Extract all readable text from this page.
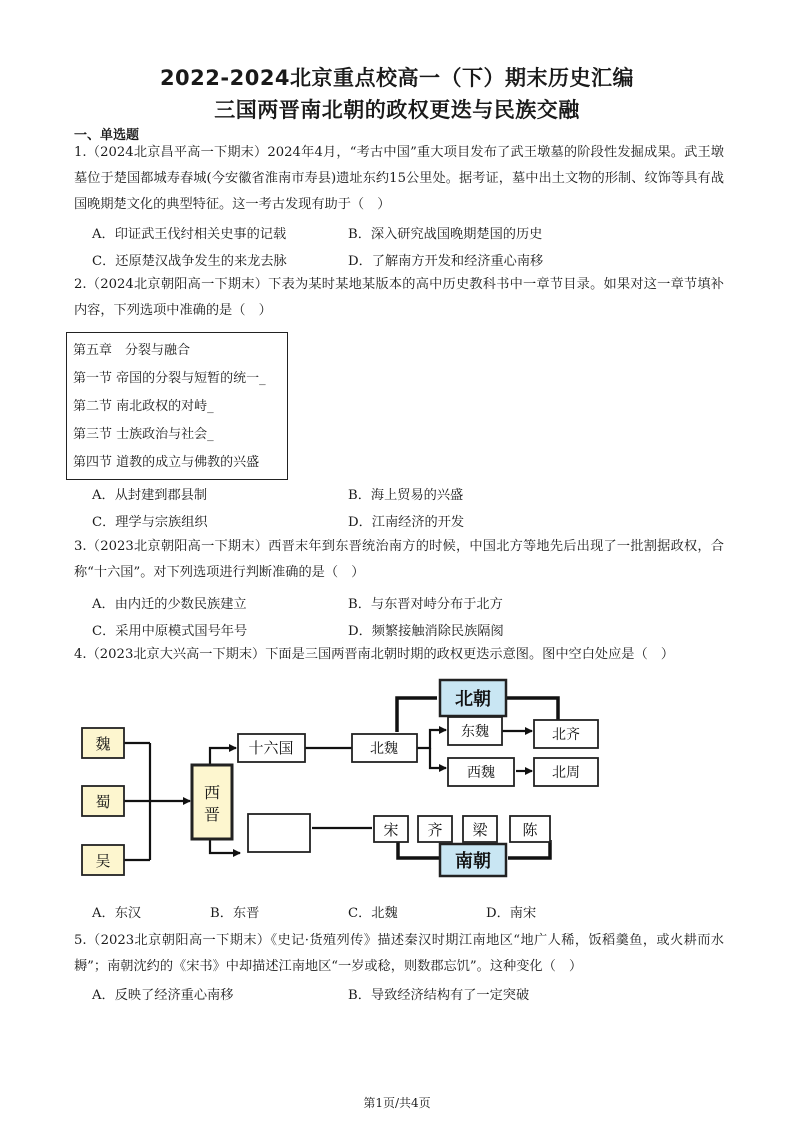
2022-2024北京重点校高一（下）期末历史汇编
三国两晋南北朝的政权更迭与民族交融
一、单选题
1.（2024北京昌平高一下期末）2024年4月，“考古中国”重大项目发布了武王墩墓的阶段性发掘成果。武王墩墓位于楚国都城寿春城(今安徽省淮南市寿县)遗址东约15公里处。据考证，墓中出土文物的形制、纹饰等具有战国晚期楚文化的典型特征。这一考古发现有助于（　）
A．印证武王伐纣相关史事的记载	B．深入研究战国晚期楚国的历史
C．还原楚汉战争发生的来龙去脉	D．了解南方开发和经济重心南移
2.（2024北京朝阳高一下期末）下表为某时某地某版本的高中历史教科书中一章节目录。如果对这一章节填补内容，下列选项中准确的是（　）
第五章　分裂与融合
第一节 帝国的分裂与短暂的统一_
第二节 南北政权的对峙_
第三节 士族政治与社会_
第四节 道教的成立与佛教的兴盛
A．从封建到郡县制	B．海上贸易的兴盛
C．理学与宗族组织	D．江南经济的开发
3.（2023北京朝阳高一下期末）西晋末年到东晋统治南方的时候，中国北方等地先后出现了一批割据政权，合称“十六国”。对下列选项进行判断准确的是（　）
A．由内迁的少数民族建立	B．与东晋对峙分布于北方
C．采用中原模式国号年号	D．频繁接触消除民族隔阂
4.（2023北京大兴高一下期末）下面是三国两晋南北朝时期的政权更迭示意图。图中空白处应是（　）
魏
蜀
吴
西
晋
十六国	北魏
东魏
西魏
北齐
北周
北朝
宋 齐 梁 陈
南朝
A．东汉	B．东晋	C．北魏	D．南宋
5.（2023北京朝阳高一下期末）《史记·货殖列传》描述秦汉时期江南地区“地广人稀，饭稻羹鱼，或火耕而水耨”；南朝沈约的《宋书》中却描述江南地区“一岁或稔，则数郡忘饥”。这种变化（　）
A．反映了经济重心南移	B．导致经济结构有了一定突破
第1页/共4页
